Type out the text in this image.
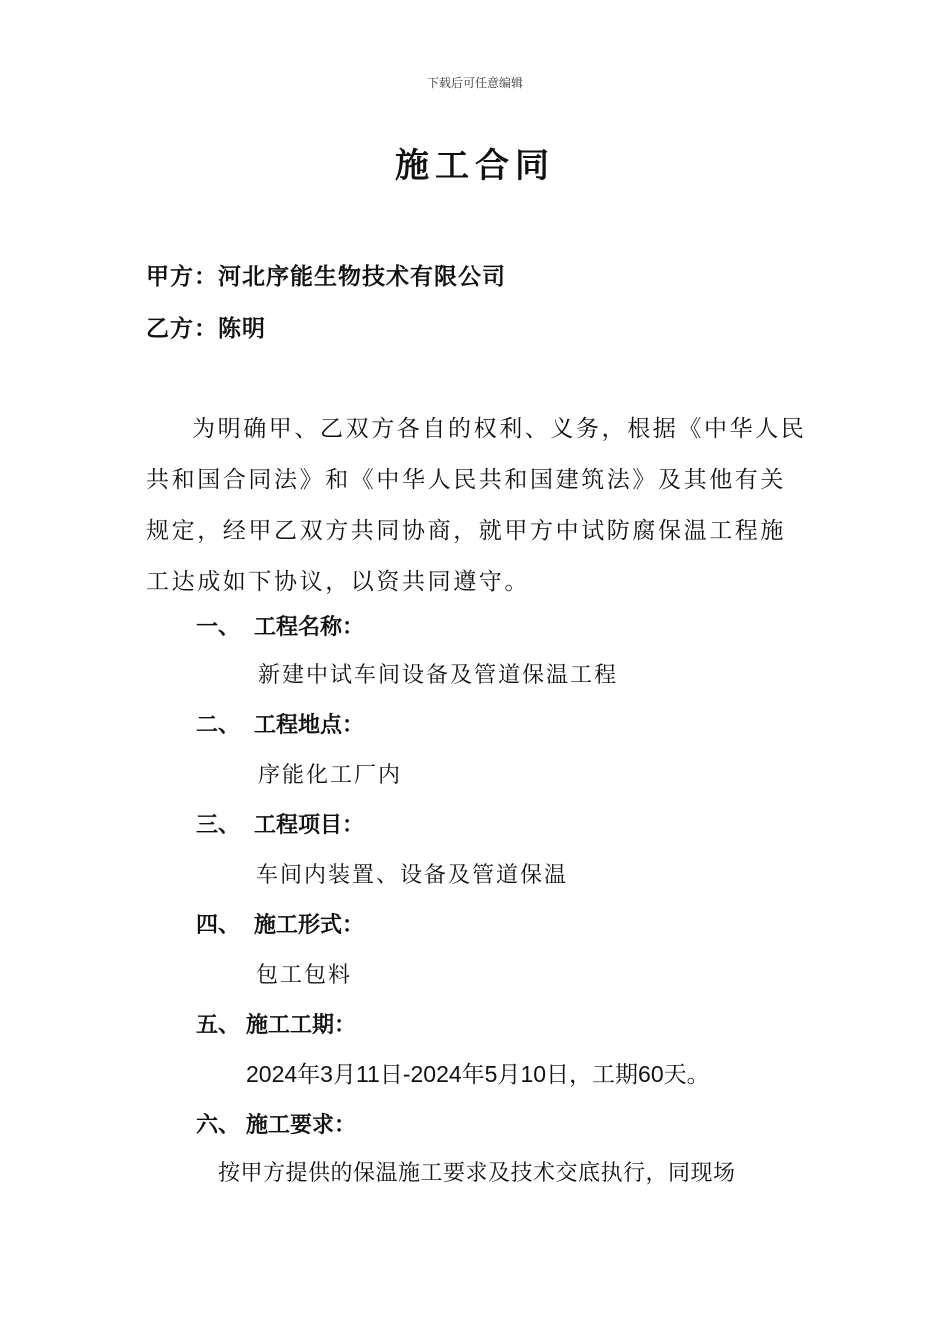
下载后可任意编辑
施工合同
甲方：河北序能生物技术有限公司
乙方：陈明
为明确甲、乙双方各自的权利、义务，根据《中华人民共和国合同法》和《中华人民共和国建筑法》及其他有关规定，经甲乙双方共同协商，就甲方中试防腐保温工程施工达成如下协议，以资共同遵守。
一、 工程名称：
新建中试车间设备及管道保温工程
二、 工程地点：
序能化工厂内
三、 工程项目：
车间内装置、设备及管道保温
四、 施工形式：
包工包料
五、 施工工期：
2024年3月11日-2024年5月10日，工期60天。
六、 施工要求：
按甲方提供的保温施工要求及技术交底执行，同现场
